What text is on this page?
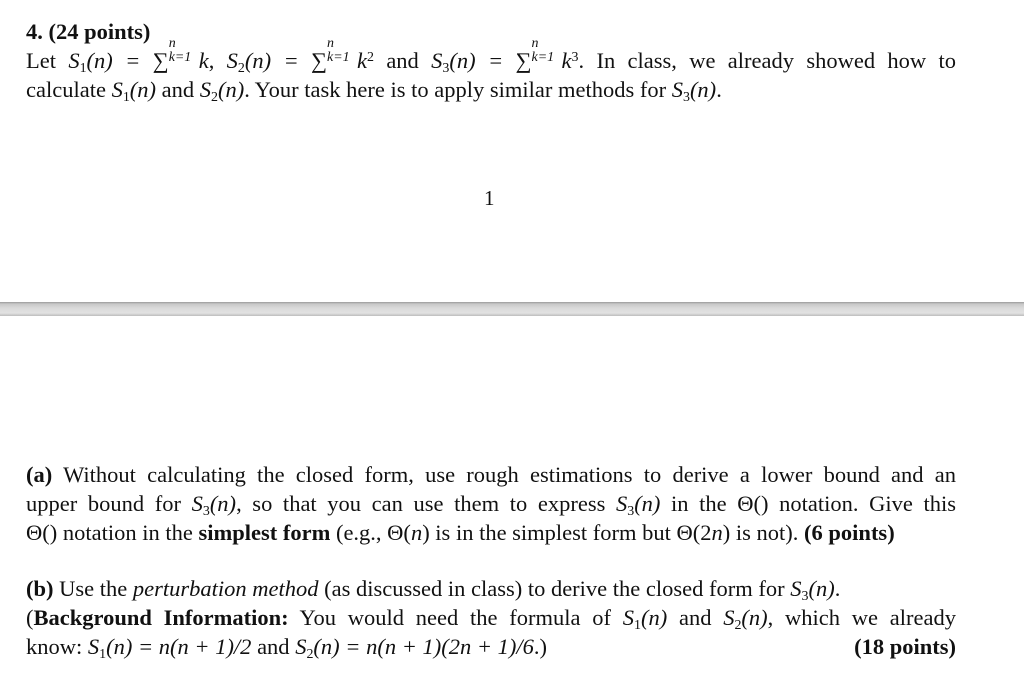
4. (24 points)
Let $S_1(n)$ = ∑
n
k=1 k, $S_2(n)$ = ∑
n
k=1 $k^2$ and $S_3(n)$ = ∑
n
k=1 $k^3$. In class, we already showed how to
calculate $S_1(n)$ and $S_2(n)$. Your task here is to apply similar methods for $S_3(n)$.
1
(a) Without calculating the closed form, use rough estimations to derive a lower bound and an
upper bound for $S_3(n)$, so that you can use them to express $S_3(n)$ in the Θ() notation. Give this
Θ() notation in the simplest form (e.g., Θ(n) is in the simplest form but Θ(2n) is not). (6 points)
(b) Use the perturbation method (as discussed in class) to derive the closed form for $S_3(n)$.
(Background Information: You would need the formula of $S_1(n)$ and $S_2(n)$, which we already
know: $S_1(n) = n(n + 1)/2$ and $S_2(n) = n(n + 1)(2n + 1)/6$.)	(18 points)
